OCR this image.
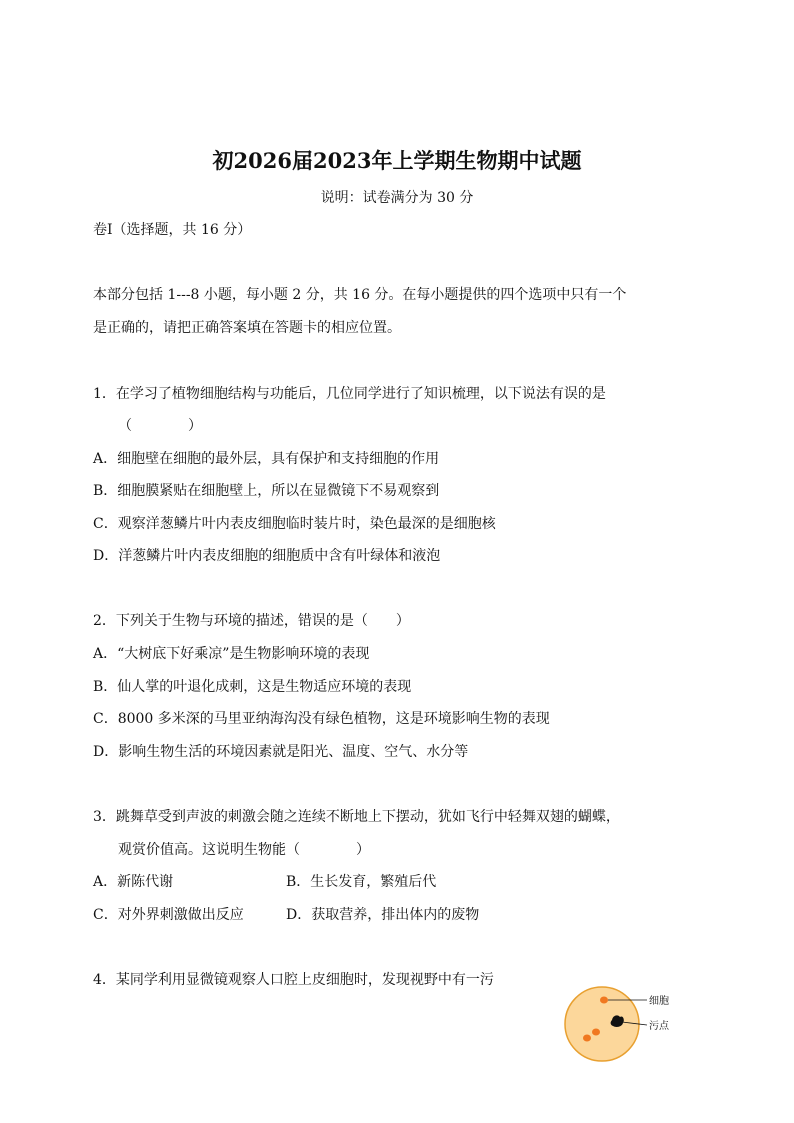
初2026届2023年上学期生物期中试题
说明：试卷满分为 30 分
卷Ⅰ（选择题，共 16 分）
本部分包括 1---8 小题，每小题 2 分，共 16 分。在每小题提供的四个选项中只有一个
是正确的，请把正确答案填在答题卡的相应位置。
1．在学习了植物细胞结构与功能后，几位同学进行了知识梳理，以下说法有误的是
（　　　　）
A．细胞壁在细胞的最外层，具有保护和支持细胞的作用
B．细胞膜紧贴在细胞壁上，所以在显微镜下不易观察到
C．观察洋葱鳞片叶内表皮细胞临时装片时，染色最深的是细胞核
D．洋葱鳞片叶内表皮细胞的细胞质中含有叶绿体和液泡
2．下列关于生物与环境的描述，错误的是（　　）
A．“大树底下好乘凉”是生物影响环境的表现
B．仙人掌的叶退化成刺，这是生物适应环境的表现
C．8000 多米深的马里亚纳海沟没有绿色植物，这是环境影响生物的表现
D．影响生物生活的环境因素就是阳光、温度、空气、水分等
3．跳舞草受到声波的刺激会随之连续不断地上下摆动，犹如飞行中轻舞双翅的蝴蝶，
观赏价值高。这说明生物能（　　　　）
A．新陈代谢	B．生长发育，繁殖后代
C．对外界刺激做出反应	D．获取营养，排出体内的废物
4．某同学利用显微镜观察人口腔上皮细胞时，发现视野中有一污
细胞
污点
